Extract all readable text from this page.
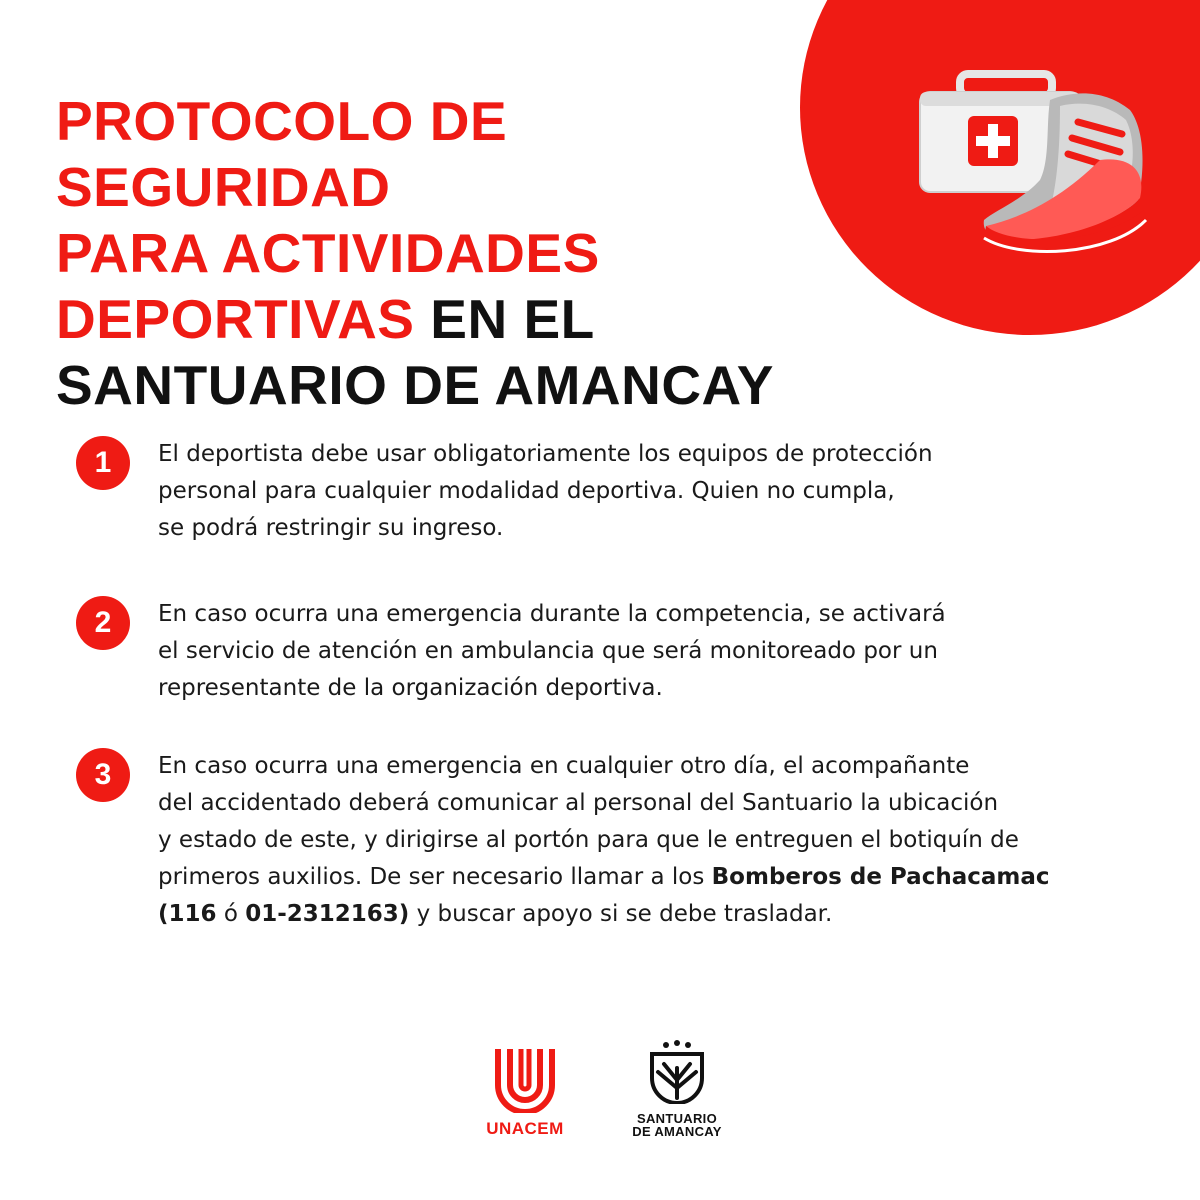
PROTOCOLO DE SEGURIDAD
PARA ACTIVIDADES
DEPORTIVAS EN EL
SANTUARIO DE AMANCAY
1	El deportista debe usar obligatoriamente los equipos de protección
personal para cualquier modalidad deportiva. Quien no cumpla,
se podrá restringir su ingreso.

2	En caso ocurra una emergencia durante la competencia, se activará
el servicio de atención en ambulancia que será monitoreado por un
representante de la organización deportiva.

3	En caso ocurra una emergencia en cualquier otro día, el acompañante
del accidentado deberá comunicar al personal del Santuario la ubicación
y estado de este, y dirigirse al portón para que le entreguen el botiquín de
primeros auxilios. De ser necesario llamar a los Bomberos de Pachacamac
(116 ó 01-2312163) y buscar apoyo si se debe trasladar.

UNACEM
SANTUARIO
DE AMANCAY
